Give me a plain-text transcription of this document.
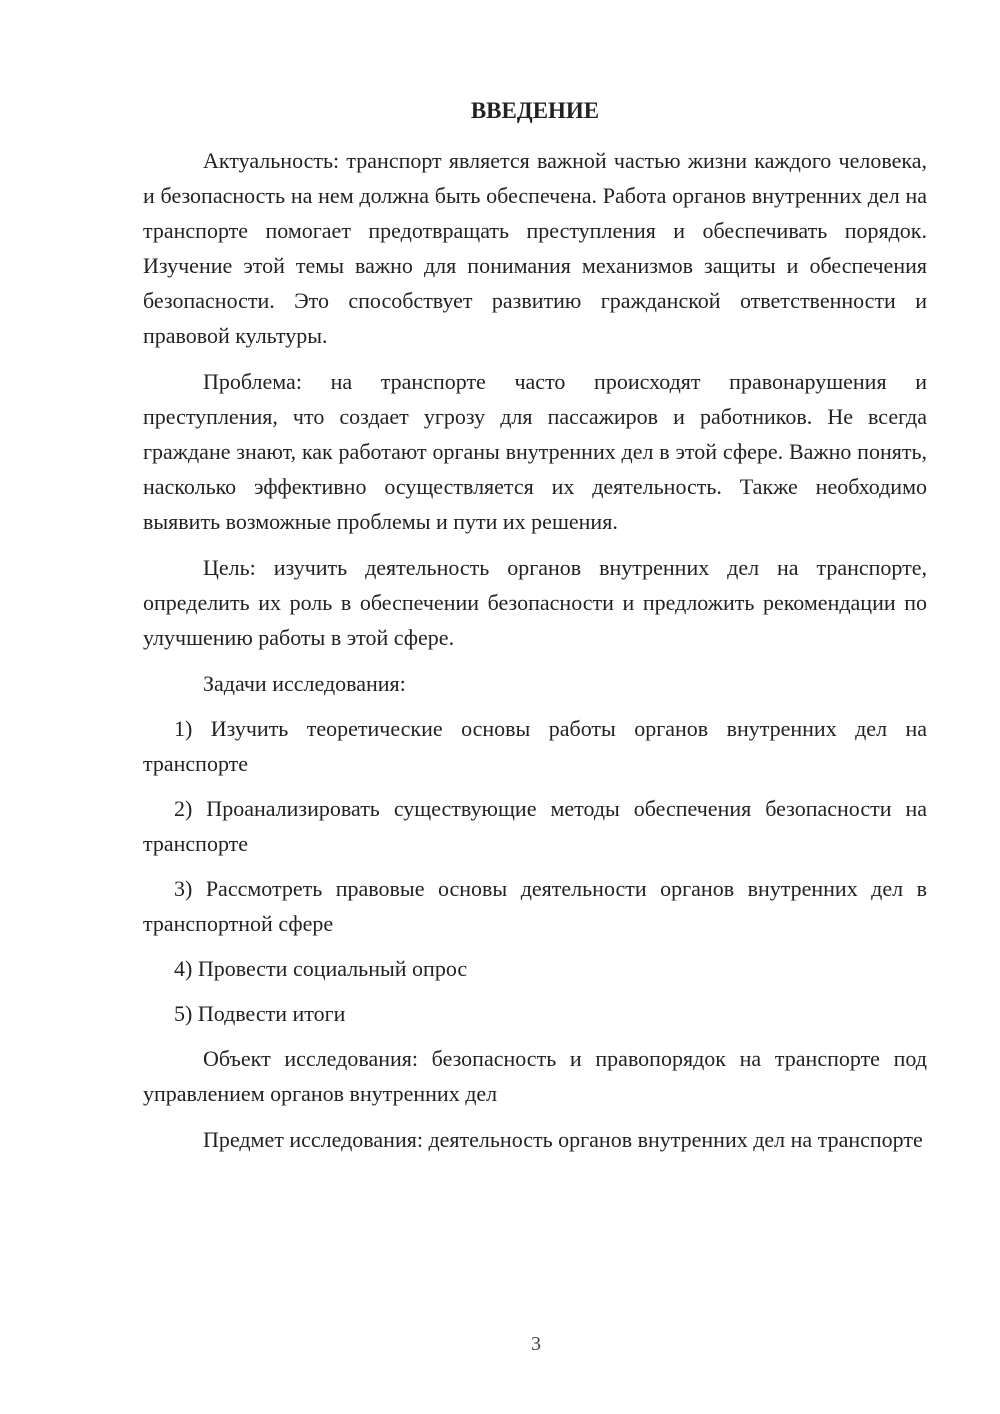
ВВЕДЕНИЕ

Актуальность: транспорт является важной частью жизни каждого человека, и безопасность на нем должна быть обеспечена. Работа органов внутренних дел на транспорте помогает предотвращать преступления и обеспечивать порядок. Изучение этой темы важно для понимания механизмов защиты и обеспечения безопасности. Это способствует развитию гражданской ответственности и правовой культуры.

Проблема: на транспорте часто происходят правонарушения и преступления, что создает угрозу для пассажиров и работников. Не всегда граждане знают, как работают органы внутренних дел в этой сфере. Важно понять, насколько эффективно осуществляется их деятельность. Также необходимо выявить возможные проблемы и пути их решения.

Цель: изучить деятельность органов внутренних дел на транспорте, определить их роль в обеспечении безопасности и предложить рекомендации по улучшению работы в этой сфере.

Задачи исследования:

1) Изучить теоретические основы работы органов внутренних дел на транспорте

2) Проанализировать существующие методы обеспечения безопасности на транспорте

3) Рассмотреть правовые основы деятельности органов внутренних дел в транспортной сфере

4) Провести социальный опрос

5) Подвести итоги

Объект исследования: безопасность и правопорядок на транспорте под управлением органов внутренних дел

Предмет исследования: деятельность органов внутренних дел на транспорте

3
